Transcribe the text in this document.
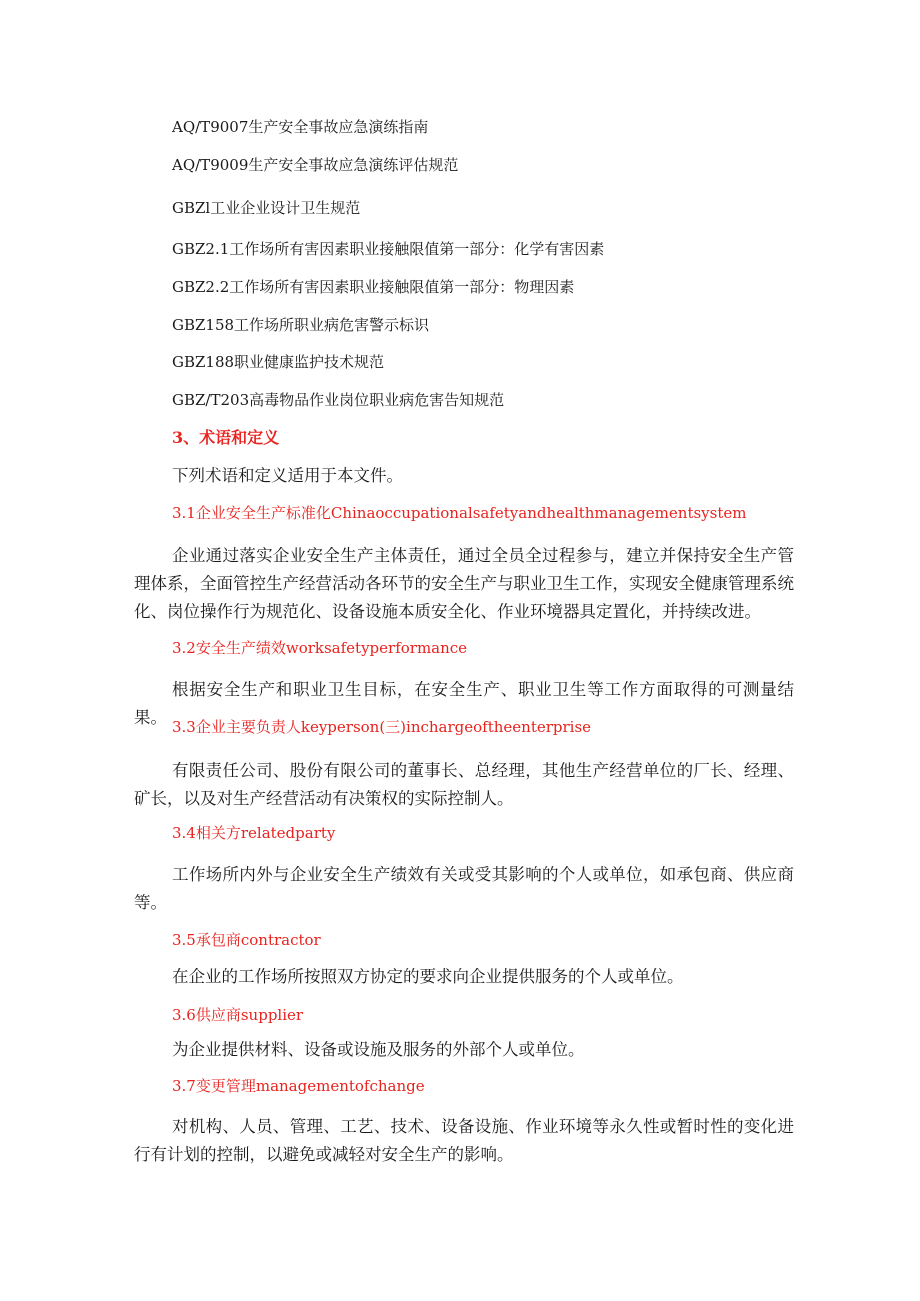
AQ/T9007生产安全事故应急演练指南
AQ/T9009生产安全事故应急演练评估规范
GBZl工业企业设计卫生规范
GBZ2.1工作场所有害因素职业接触限值第一部分：化学有害因素
GBZ2.2工作场所有害因素职业接触限值第一部分：物理因素
GBZ158工作场所职业病危害警示标识
GBZ188职业健康监护技术规范
GBZ/T203高毒物品作业岗位职业病危害告知规范
3、术语和定义
下列术语和定义适用于本文件。
3.1企业安全生产标准化Chinaoccupationalsafetyandhealthmanagementsystem

企业通过落实企业安全生产主体责任，通过全员全过程参与，建立并保持安全生产管理体系，全面管控生产经营活动各环节的安全生产与职业卫生工作，实现安全健康管理系统化、岗位操作行为规范化、设备设施本质安全化、作业环境器具定置化，并持续改进。

3.2安全生产绩效worksafetyperformance

根据安全生产和职业卫生目标，在安全生产、职业卫生等工作方面取得的可测量结果。 3.3企业主要负责人keyperson(三)inchargeoftheenterprise

有限责任公司、股份有限公司的董事长、总经理，其他生产经营单位的厂长、经理、矿长，以及对生产经营活动有决策权的实际控制人。

3.4相关方relatedparty

工作场所内外与企业安全生产绩效有关或受其影响的个人或单位，如承包商、供应商等。

3.5承包商contractor
在企业的工作场所按照双方协定的要求向企业提供服务的个人或单位。
3.6供应商supplier
为企业提供材料、设备或设施及服务的外部个人或单位。
3.7变更管理managementofchange

对机构、人员、管理、工艺、技术、设备设施、作业环境等永久性或暂时性的变化进行有计划的控制，以避免或减轻对安全生产的影响。
